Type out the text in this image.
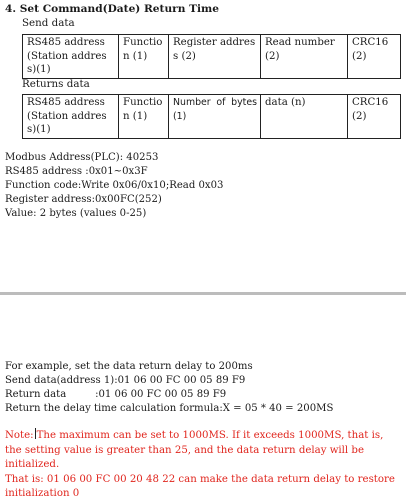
4. Set Command(Date) Return Time
Send data
RS485 address (Station address)(1)	Function (1)	Register address (2)	Read number (2)	CRC16(2)
Returns data
RS485 address (Station address)(1)	Function (1)	Number of bytes (1)	data (n)	CRC16(2)
Modbus Address(PLC): 40253
RS485 address :0x01~0x3F
Function code:Write 0x06/0x10;Read 0x03
Register address:0x00FC(252)
Value: 2 bytes (values 0-25)
For example, set the data return delay to 200ms
Send data(address 1):01 06 00 FC 00 05 89 F9
Return data         :01 06 00 FC 00 05 89 F9
Return the delay time calculation formula:X = 05 * 40 = 200MS
Note: The maximum can be set to 1000MS. If it exceeds 1000MS, that is, the setting value is greater than 25, and the data return delay will be initialized.
That is: 01 06 00 FC 00 20 48 22 can make the data return delay to restore initialization 0
